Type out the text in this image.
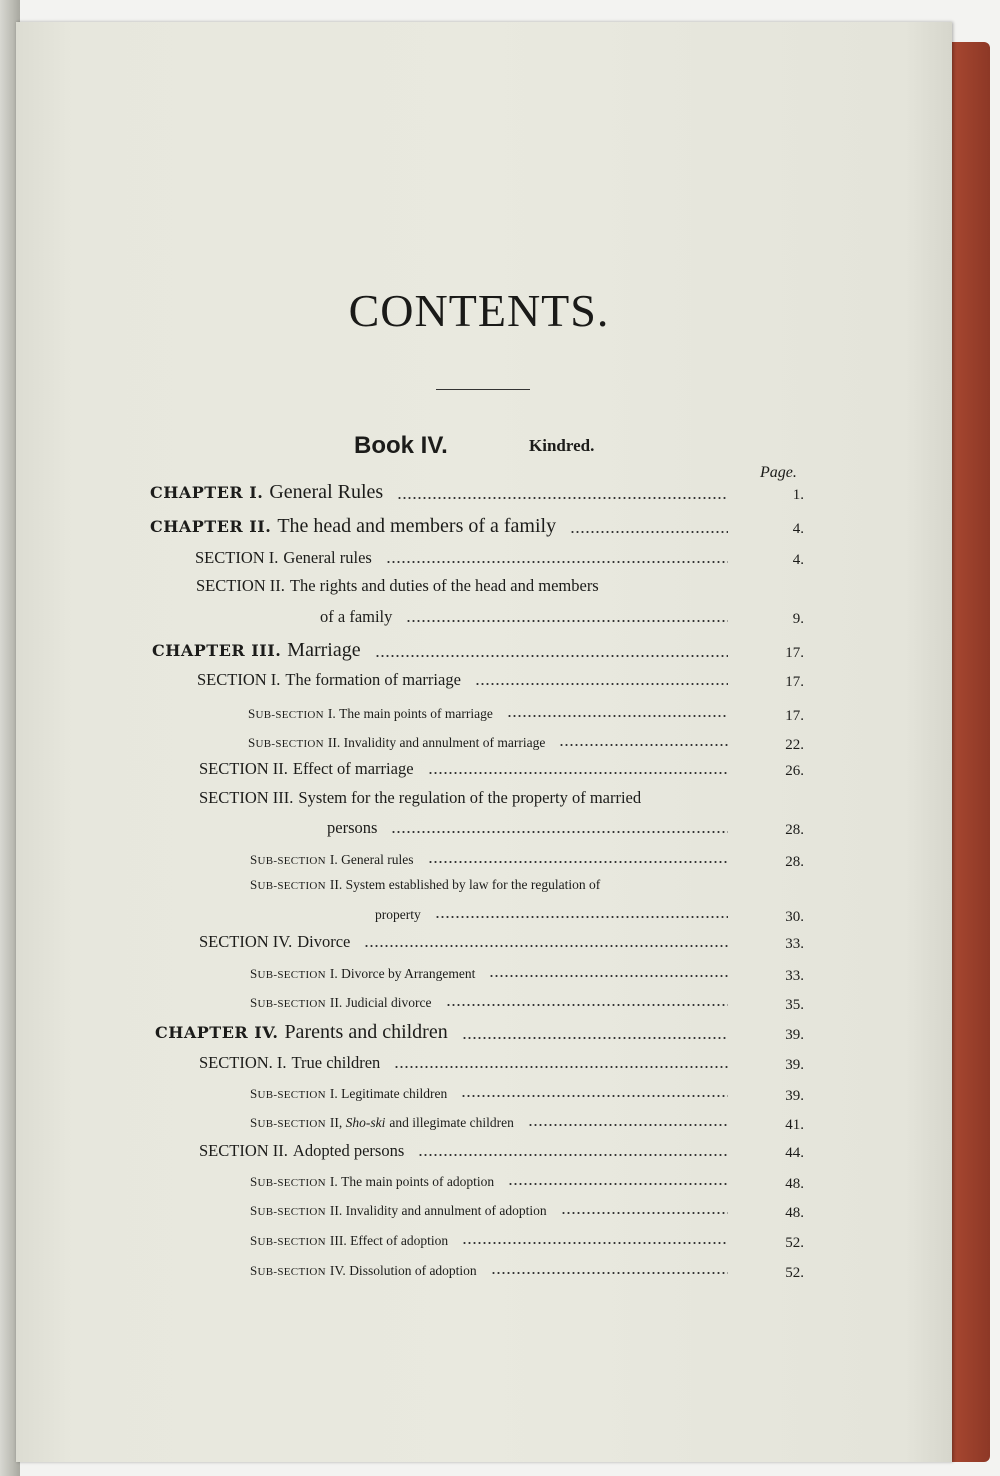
CONTENTS.
Book IV.	Kindred.
Page.
CHAPTER I. General Rules	1.
CHAPTER II. The head and members of a family	4.
SECTION I. General rules	4.
SECTION II. The rights and duties of the head and members
of a family	9.
CHAPTER III. Marriage	17.
SECTION I. The formation of marriage	17.
SUB-SECTION I. The main points of marriage	17.
SUB-SECTION II. Invalidity and annulment of marriage	22.
SECTION II. Effect of marriage	26.
SECTION III. System for the regulation of the property of married
persons	28.
SUB-SECTION I. General rules	28.
SUB-SECTION II. System established by law for the regulation of
property	30.
SECTION IV. Divorce	33.
SUB-SECTION I. Divorce by Arrangement	33.
SUB-SECTION II. Judicial divorce	35.
CHAPTER IV. Parents and children	39.
SECTION. I. True children	39.
SUB-SECTION I. Legitimate children	39.
SUB-SECTION II, Sho-ski and illegimate children	41.
SECTION II. Adopted persons	44.
SUB-SECTION I. The main points of adoption	48.
SUB-SECTION II. Invalidity and annulment of adoption	48.
SUB-SECTION III. Effect of adoption	52.
SUB-SECTION IV. Dissolution of adoption	52.
